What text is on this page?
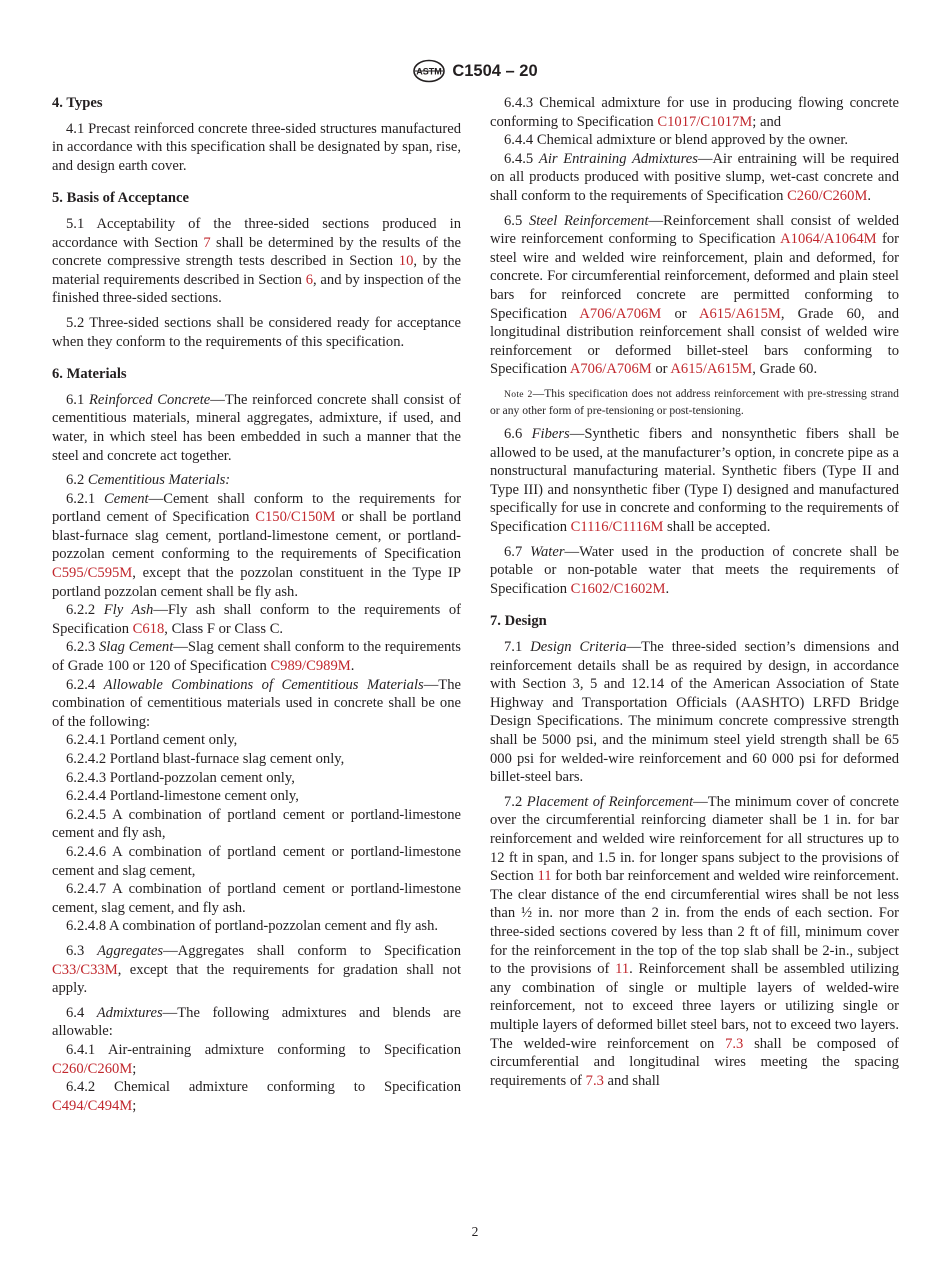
ASTM C1504 – 20
4. Types

4.1 Precast reinforced concrete three-sided structures manufactured in accordance with this specification shall be designated by span, rise, and design earth cover.

5. Basis of Acceptance

5.1 Acceptability of the three-sided sections produced in accordance with Section 7 shall be determined by the results of the concrete compressive strength tests described in Section 10, by the material requirements described in Section 6, and by inspection of the finished three-sided sections.

5.2 Three-sided sections shall be considered ready for acceptance when they conform to the requirements of this specification.

6. Materials

6.1 Reinforced Concrete—The reinforced concrete shall consist of cementitious materials, mineral aggregates, admixture, if used, and water, in which steel has been embedded in such a manner that the steel and concrete act together.

6.2 Cementitious Materials:

6.2.1 Cement—Cement shall conform to the requirements for portland cement of Specification C150/C150M or shall be portland blast-furnace slag cement, portland-limestone cement, or portland-pozzolan cement conforming to the requirements of Specification C595/C595M, except that the pozzolan constituent in the Type IP portland pozzolan cement shall be fly ash.

6.2.2 Fly Ash—Fly ash shall conform to the requirements of Specification C618, Class F or Class C.

6.2.3 Slag Cement—Slag cement shall conform to the requirements of Grade 100 or 120 of Specification C989/C989M.

6.2.4 Allowable Combinations of Cementitious Materials—The combination of cementitious materials used in concrete shall be one of the following:

6.2.4.1 Portland cement only,

6.2.4.2 Portland blast-furnace slag cement only,

6.2.4.3 Portland-pozzolan cement only,

6.2.4.4 Portland-limestone cement only,

6.2.4.5 A combination of portland cement or portland-limestone cement and fly ash,

6.2.4.6 A combination of portland cement or portland-limestone cement and slag cement,

6.2.4.7 A combination of portland cement or portland-limestone cement, slag cement, and fly ash.

6.2.4.8 A combination of portland-pozzolan cement and fly ash.

6.3 Aggregates—Aggregates shall conform to Specification C33/C33M, except that the requirements for gradation shall not apply.

6.4 Admixtures—The following admixtures and blends are allowable:

6.4.1 Air-entraining admixture conforming to Specification C260/C260M;

6.4.2 Chemical admixture conforming to Specification C494/C494M;

6.4.3 Chemical admixture for use in producing flowing concrete conforming to Specification C1017/C1017M; and

6.4.4 Chemical admixture or blend approved by the owner.

6.4.5 Air Entraining Admixtures—Air entraining will be required on all products produced with positive slump, wet-cast concrete and shall conform to the requirements of Specification C260/C260M.

6.5 Steel Reinforcement—Reinforcement shall consist of welded wire reinforcement conforming to Specification A1064/A1064M for steel wire and welded wire reinforcement, plain and deformed, for concrete. For circumferential reinforcement, deformed and plain steel bars for reinforced concrete are permitted conforming to Specification A706/A706M or A615/A615M, Grade 60, and longitudinal distribution reinforcement shall consist of welded wire reinforcement or deformed billet-steel bars conforming to Specification A706/A706M or A615/A615M, Grade 60.

Note 2—This specification does not address reinforcement with pre-stressing strand or any other form of pre-tensioning or post-tensioning.

6.6 Fibers—Synthetic fibers and nonsynthetic fibers shall be allowed to be used, at the manufacturer’s option, in concrete pipe as a nonstructural manufacturing material. Synthetic fibers (Type II and Type III) and nonsynthetic fiber (Type I) designed and manufactured specifically for use in concrete and conforming to the requirements of Specification C1116/C1116M shall be accepted.

6.7 Water—Water used in the production of concrete shall be potable or non-potable water that meets the requirements of Specification C1602/C1602M.

7. Design

7.1 Design Criteria—The three-sided section’s dimensions and reinforcement details shall be as required by design, in accordance with Section 3, 5 and 12.14 of the American Association of State Highway and Transportation Officials (AASHTO) LRFD Bridge Design Specifications. The minimum concrete compressive strength shall be 5000 psi, and the minimum steel yield strength shall be 65 000 psi for welded-wire reinforcement and 60 000 psi for deformed billet-steel bars.

7.2 Placement of Reinforcement—The minimum cover of concrete over the circumferential reinforcing diameter shall be 1 in. for bar reinforcement and welded wire reinforcement for all structures up to 12 ft in span, and 1.5 in. for longer spans subject to the provisions of Section 11 for both bar reinforcement and welded wire reinforcement. The clear distance of the end circumferential wires shall be not less than ½ in. nor more than 2 in. from the ends of each section. For three-sided sections covered by less than 2 ft of fill, minimum cover for the reinforcement in the top of the top slab shall be 2-in., subject to the provisions of 11. Reinforcement shall be assembled utilizing any combination of single or multiple layers of welded-wire reinforcement, not to exceed three layers or utilizing single or multiple layers of deformed billet steel bars, not to exceed two layers. The welded-wire reinforcement on 7.3 shall be composed of circumferential and longitudinal wires meeting the spacing requirements of 7.3 and shall

2
